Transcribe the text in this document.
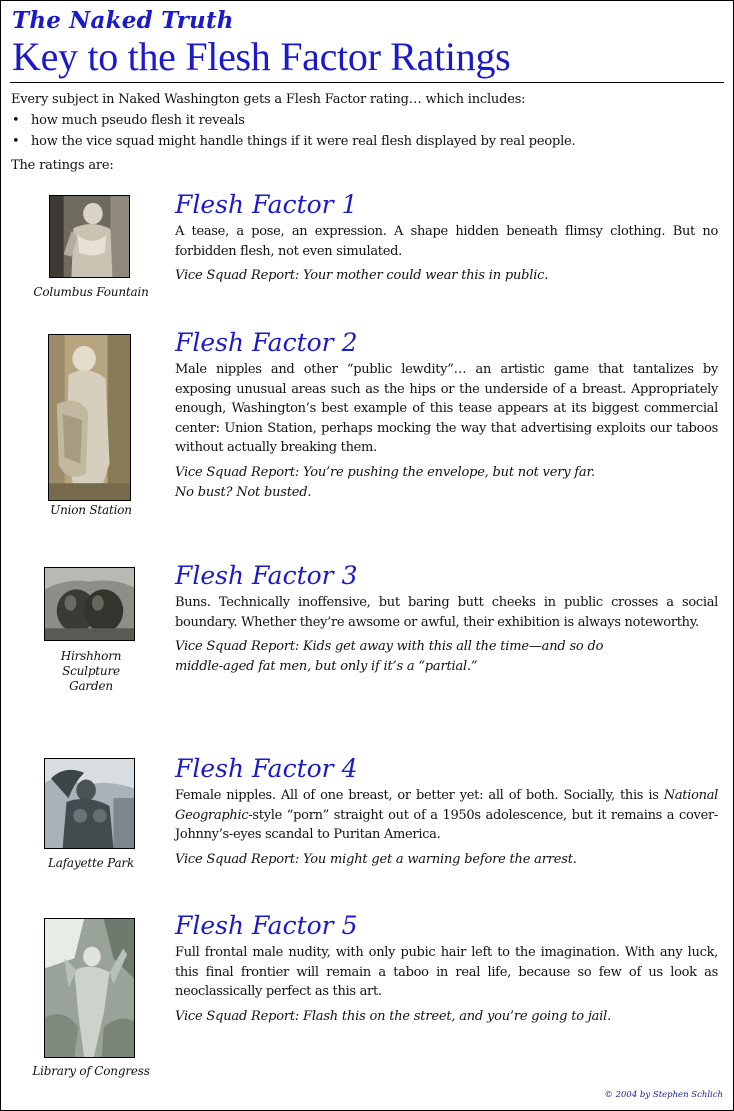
The Naked Truth
Key to the Flesh Factor Ratings

Every subject in Naked Washington gets a Flesh Factor rating… which includes:

• how much pseudo flesh it reveals
• how the vice squad might handle things if it were real flesh displayed by real people.

The ratings are:

Columbus Fountain
Flesh Factor 1

A tease, a pose, an expression. A shape hidden beneath flimsy clothing. But no forbidden flesh, not even simulated.

Vice Squad Report: Your mother could wear this in public.

Union Station
Flesh Factor 2

Male nipples and other “public lewdity”… an artistic game that tantalizes by exposing unusual areas such as the hips or the underside of a breast. Appropriately enough, Washington’s best example of this tease appears at its biggest commercial center: Union Station, perhaps mocking the way that advertising exploits our taboos without actually breaking them.

Vice Squad Report: You’re pushing the envelope, but not very far.
No bust? Not busted.

Hirshhorn
Sculpture
Garden
Flesh Factor 3

Buns. Technically inoffensive, but baring butt cheeks in public crosses a social boundary. Whether they’re awsome or awful, their exhibition is always noteworthy.

Vice Squad Report: Kids get away with this all the time—and so do
middle-aged fat men, but only if it’s a “partial.”

Lafayette Park
Flesh Factor 4

Female nipples. All of one breast, or better yet: all of both. Socially, this is National Geographic-style “porn” straight out of a 1950s adolescence, but it remains a cover-Johnny’s-eyes scandal to Puritan America.

Vice Squad Report: You might get a warning before the arrest.

Library of Congress
Flesh Factor 5

Full frontal male nudity, with only pubic hair left to the imagination. With any luck, this final frontier will remain a taboo in real life, because so few of us look as neoclassically perfect as this art.

Vice Squad Report: Flash this on the street, and you’re going to jail.

© 2004 by Stephen Schlich
